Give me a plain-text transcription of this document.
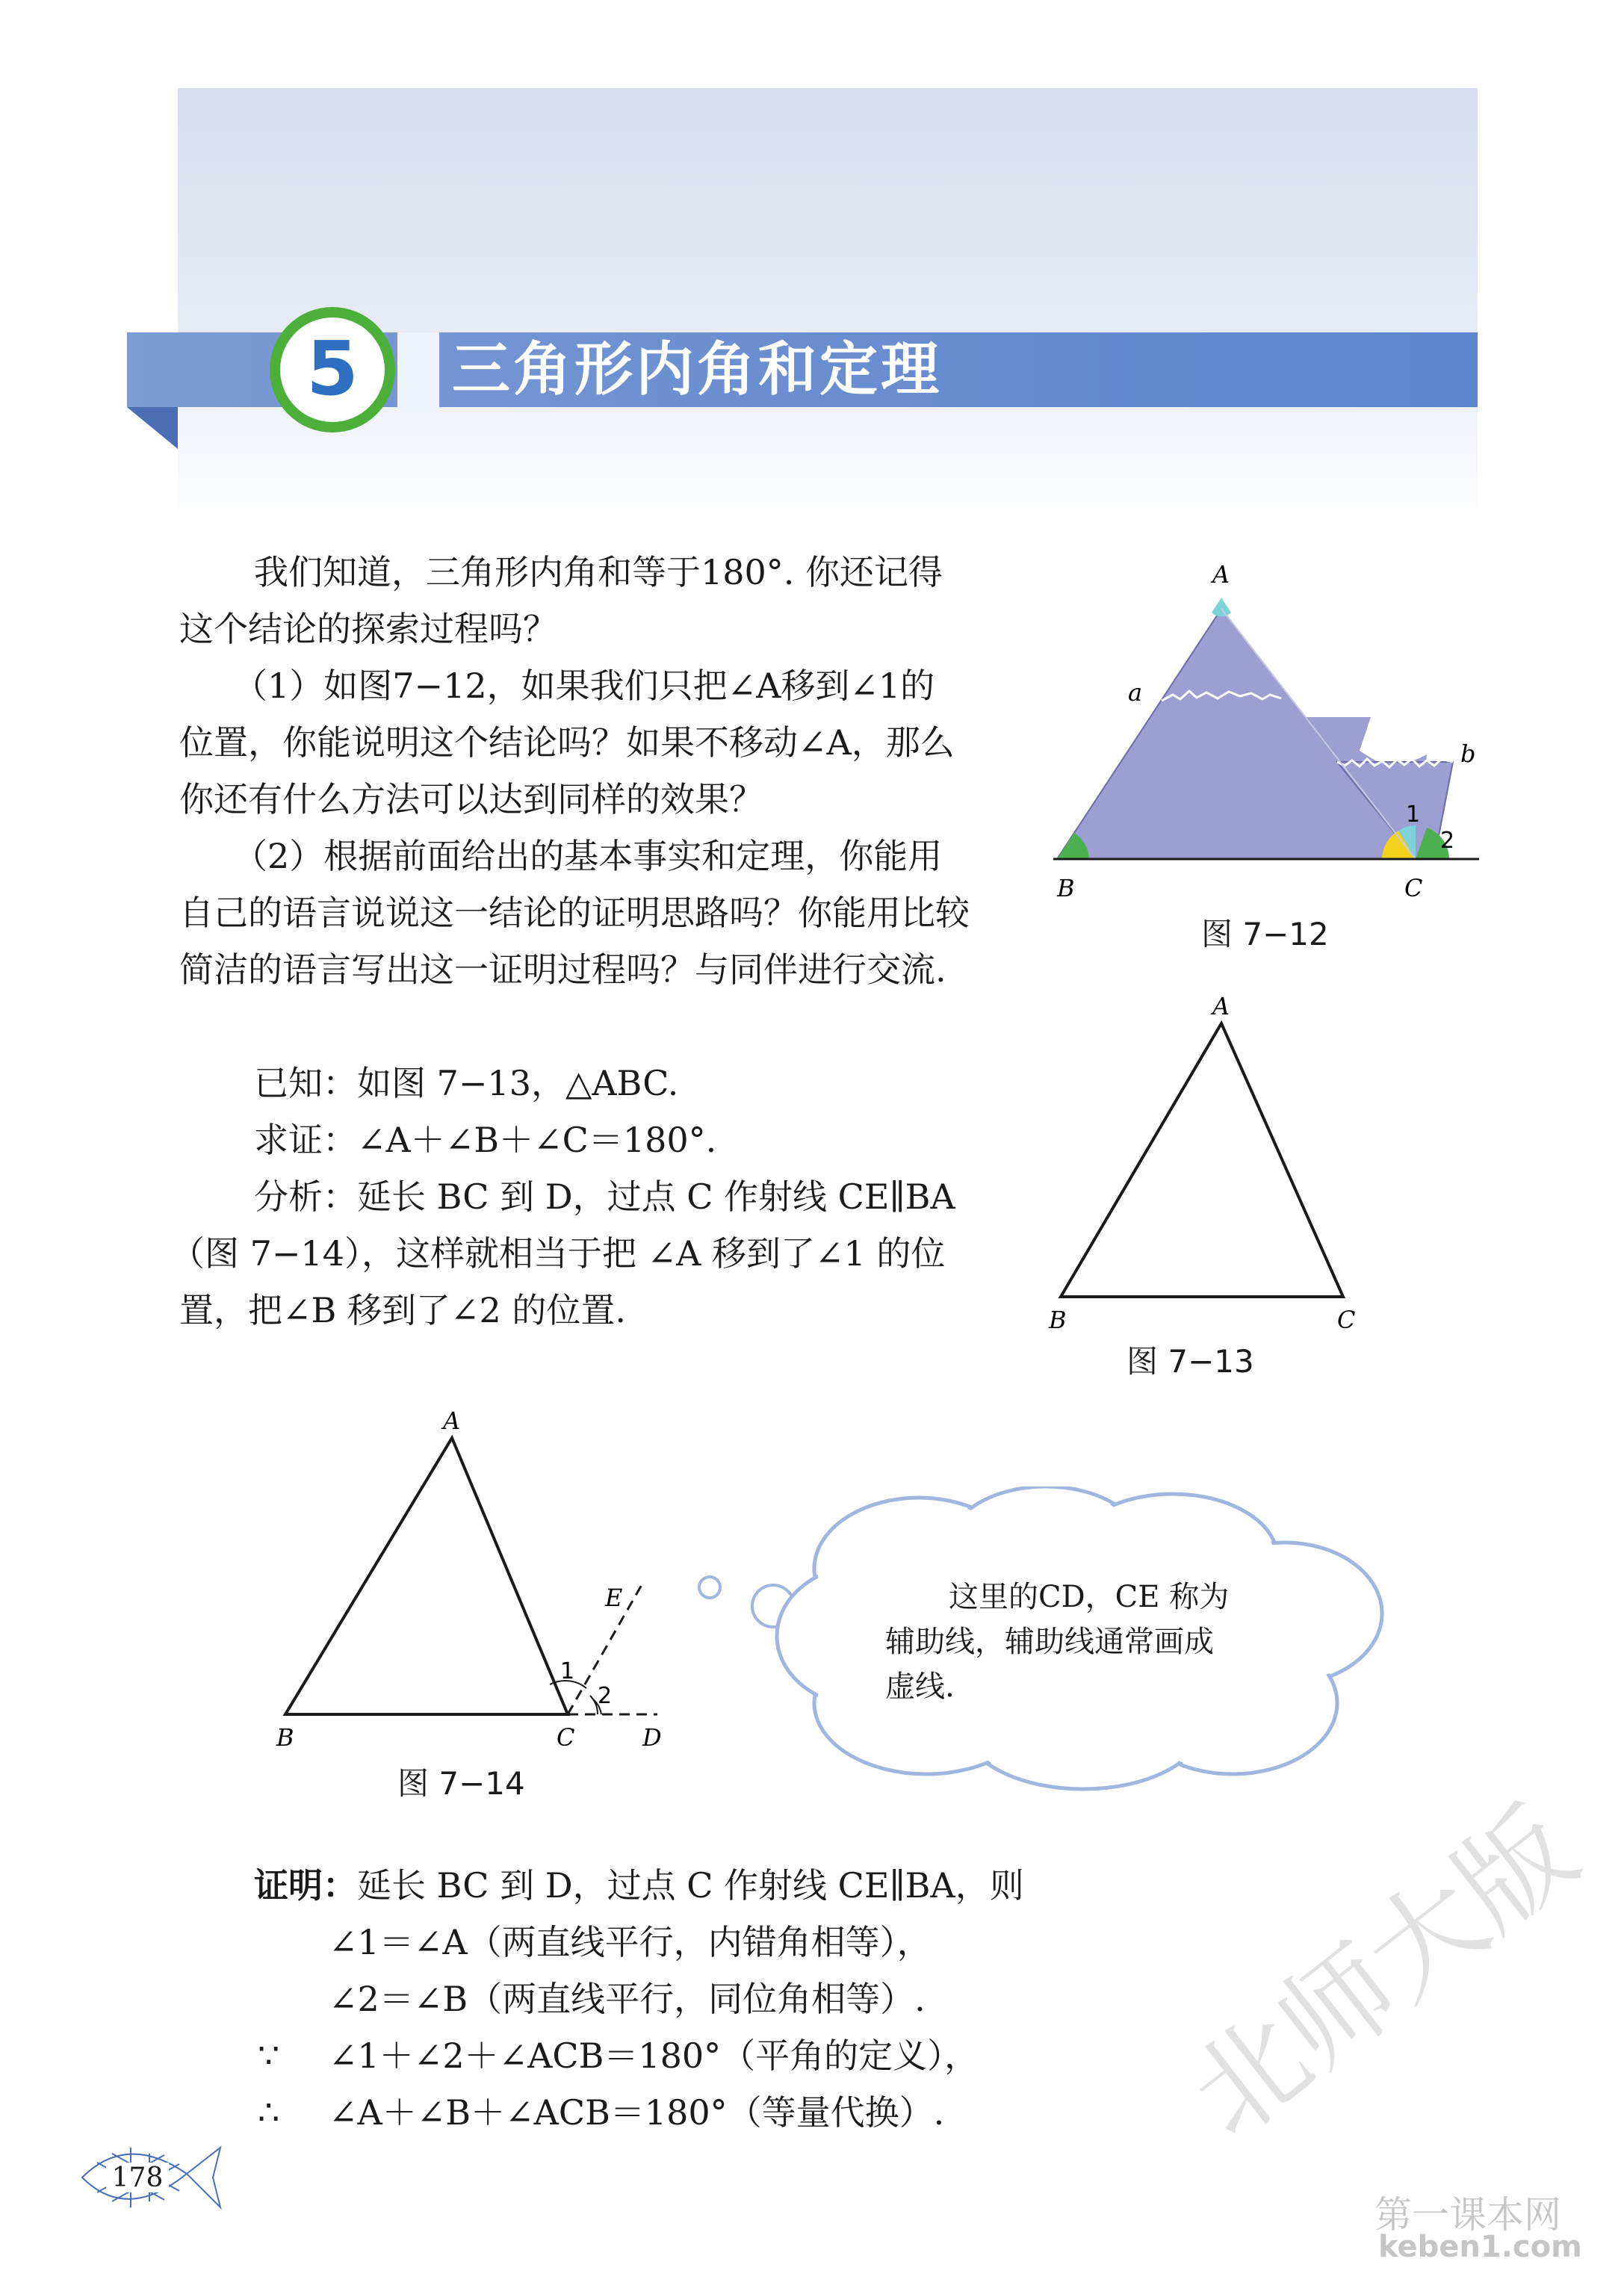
三角形内角和定理
5
我们知道，三角形内角和等于180°. 你还记得
这个结论的探索过程吗？
（1）如图7−12，如果我们只把∠A移到∠1的
位置，你能说明这个结论吗？如果不移动∠A，那么
你还有什么方法可以达到同样的效果？
（2）根据前面给出的基本事实和定理，你能用
自己的语言说说这一结论的证明思路吗？你能用比较
简洁的语言写出这一证明过程吗？与同伴进行交流.
A
B	C
a
b
1
2
图 7−12
已知：如图 7−13，△ABC.
求证：∠A＋∠B＋∠C＝180°.
分析：延长 BC 到 D，过点 C 作射线 CE∥BA
（图 7−14），这样就相当于把 ∠A 移到了∠1 的位
置，把∠B 移到了∠2 的位置.
A
B	C
图 7−13
A
B	C	D
E
1
2
图 7−14
这里的CD，CE 称为
辅助线，辅助线通常画成
虚线.
证明：延长 BC 到 D，过点 C 作射线 CE∥BA，则
∠1＝∠A（两直线平行，内错角相等），
∠2＝∠B（两直线平行，同位角相等）.
∵ ∠1＋∠2＋∠ACB＝180°（平角的定义），
∴ ∠A＋∠B＋∠ACB＝180°（等量代换）.
178
北师大版
第一课本网
keben1.com
